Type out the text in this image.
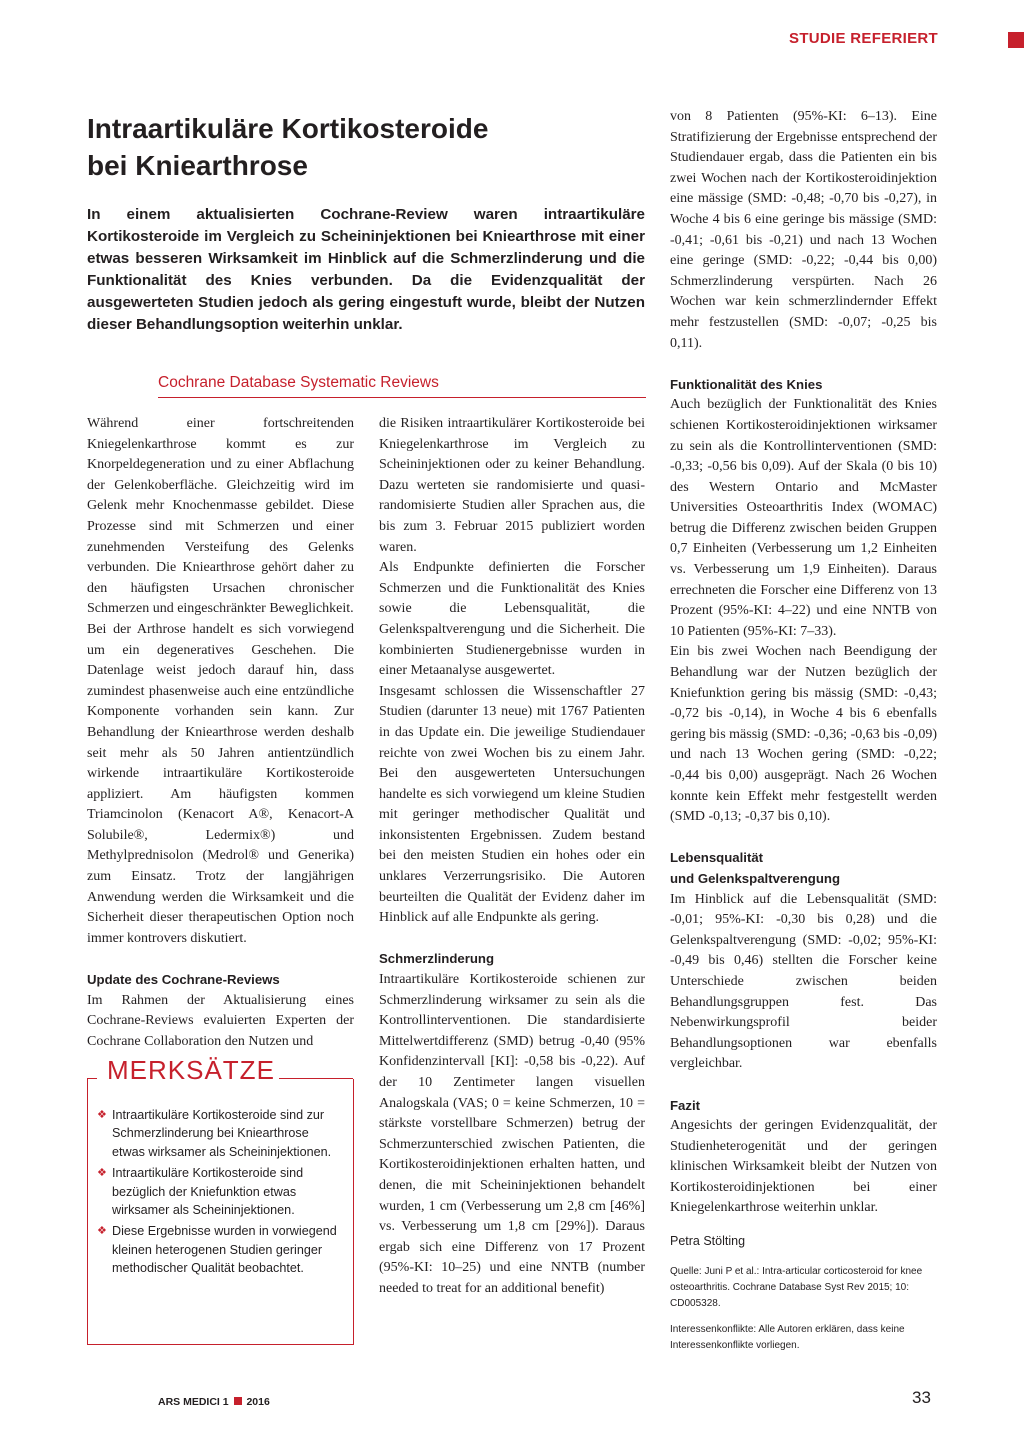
STUDIE REFERIERT
Intraartikuläre Kortikosteroide
bei Kniearthrose

In einem aktualisierten Cochrane-Review waren intraartikuläre Kortikosteroide im Vergleich zu Scheininjektionen bei Kniearthrose mit einer etwas besseren Wirksamkeit im Hinblick auf die Schmerzlinderung und die Funktionalität des Knies verbunden. Da die Evidenzqualität der ausgewerteten Studien jedoch als gering eingestuft wurde, bleibt der Nutzen dieser Behandlungsoption weiterhin unklar.

Cochrane Database Systematic Reviews

Während einer fortschreitenden Kniegelenkarthrose kommt es zur Knorpeldegeneration und zu einer Abflachung der Gelenkoberfläche. Gleichzeitig wird im Gelenk mehr Knochenmasse gebildet. Diese Prozesse sind mit Schmerzen und einer zunehmenden Versteifung des Gelenks verbunden. Die Kniearthrose gehört daher zu den häufigsten Ursachen chronischer Schmerzen und eingeschränkter Beweglichkeit.

Bei der Arthrose handelt es sich vorwiegend um ein degeneratives Geschehen. Die Datenlage weist jedoch darauf hin, dass zumindest phasenweise auch eine entzündliche Komponente vorhanden sein kann. Zur Behandlung der Kniearthrose werden deshalb seit mehr als 50 Jahren antientzündlich wirkende intraartikuläre Kortikosteroide appliziert. Am häufigsten kommen Triamcinolon (Kenacort A®, Kenacort-A Solubile®, Ledermix®) und Methylprednisolon (Medrol® und Generika) zum Einsatz. Trotz der langjährigen Anwendung werden die Wirksamkeit und die Sicherheit dieser therapeutischen Option noch immer kontrovers diskutiert.

Update des Cochrane-Reviews

Im Rahmen der Aktualisierung eines Cochrane-Reviews evaluierten Experten der Cochrane Collaboration den Nutzen und

MERKSÄTZE
❖ Intraartikuläre Kortikosteroide sind zur Schmerzlinderung bei Kniearthrose etwas wirksamer als Scheininjektionen.
❖ Intraartikuläre Kortikosteroide sind bezüglich der Kniefunktion etwas wirksamer als Scheininjektionen.
❖ Diese Ergebnisse wurden in vorwiegend kleinen heterogenen Studien geringer methodischer Qualität beobachtet.

die Risiken intraartikulärer Kortikosteroide bei Kniegelenkarthrose im Vergleich zu Scheininjektionen oder zu keiner Behandlung. Dazu werteten sie randomisierte und quasi-randomisierte Studien aller Sprachen aus, die bis zum 3. Februar 2015 publiziert worden waren.

Als Endpunkte definierten die Forscher Schmerzen und die Funktionalität des Knies sowie die Lebensqualität, die Gelenkspaltverengung und die Sicherheit. Die kombinierten Studienergebnisse wurden in einer Metaanalyse ausgewertet.

Insgesamt schlossen die Wissenschaftler 27 Studien (darunter 13 neue) mit 1767 Patienten in das Update ein. Die jeweilige Studiendauer reichte von zwei Wochen bis zu einem Jahr. Bei den ausgewerteten Untersuchungen handelte es sich vorwiegend um kleine Studien mit geringer methodischer Qualität und inkonsistenten Ergebnissen. Zudem bestand bei den meisten Studien ein hohes oder ein unklares Verzerrungsrisiko. Die Autoren beurteilten die Qualität der Evidenz daher im Hinblick auf alle Endpunkte als gering.

Schmerzlinderung

Intraartikuläre Kortikosteroide schienen zur Schmerzlinderung wirksamer zu sein als die Kontrollinterventionen. Die standardisierte Mittelwertdifferenz (SMD) betrug -0,40 (95% Konfidenzintervall [KI]: -0,58 bis -0,22). Auf der 10 Zentimeter langen visuellen Analogskala (VAS; 0 = keine Schmerzen, 10 = stärkste vorstellbare Schmerzen) betrug der Schmerzunterschied zwischen Patienten, die Kortikosteroidinjektionen erhalten hatten, und denen, die mit Scheininjektionen behandelt wurden, 1 cm (Verbesserung um 2,8 cm [46%] vs. Verbesserung um 1,8 cm [29%]). Daraus ergab sich eine Differenz von 17 Prozent (95%-KI: 10–25) und eine NNTB (number needed to treat for an additional benefit)

von 8 Patienten (95%-KI: 6–13). Eine Stratifizierung der Ergebnisse entsprechend der Studiendauer ergab, dass die Patienten ein bis zwei Wochen nach der Kortikosteroidinjektion eine mässige (SMD: -0,48; -0,70 bis -0,27), in Woche 4 bis 6 eine geringe bis mässige (SMD: -0,41; -0,61 bis -0,21) und nach 13 Wochen eine geringe (SMD: -0,22; -0,44 bis 0,00) Schmerzlinderung verspürten. Nach 26 Wochen war kein schmerzlindernder Effekt mehr festzustellen (SMD: -0,07; -0,25 bis 0,11).

Funktionalität des Knies

Auch bezüglich der Funktionalität des Knies schienen Kortikosteroidinjektionen wirksamer zu sein als die Kontrollinterventionen (SMD: -0,33; -0,56 bis 0,09). Auf der Skala (0 bis 10) des Western Ontario and McMaster Universities Osteoarthritis Index (WOMAC) betrug die Differenz zwischen beiden Gruppen 0,7 Einheiten (Verbesserung um 1,2 Einheiten vs. Verbesserung um 1,9 Einheiten). Daraus errechneten die Forscher eine Differenz von 13 Prozent (95%-KI: 4–22) und eine NNTB von 10 Patienten (95%-KI: 7–33).

Ein bis zwei Wochen nach Beendigung der Behandlung war der Nutzen bezüglich der Kniefunktion gering bis mässig (SMD: -0,43; -0,72 bis -0,14), in Woche 4 bis 6 ebenfalls gering bis mässig (SMD: -0,36; -0,63 bis -0,09) und nach 13 Wochen gering (SMD: -0,22; -0,44 bis 0,00) ausgeprägt. Nach 26 Wochen konnte kein Effekt mehr festgestellt werden (SMD -0,13; -0,37 bis 0,10).

Lebensqualität
und Gelenkspaltverengung

Im Hinblick auf die Lebensqualität (SMD: -0,01; 95%-KI: -0,30 bis 0,28) und die Gelenkspaltverengung (SMD: -0,02; 95%-KI: -0,49 bis 0,46) stellten die Forscher keine Unterschiede zwischen beiden Behandlungsgruppen fest. Das Nebenwirkungsprofil beider Behandlungsoptionen war ebenfalls vergleichbar.

Fazit

Angesichts der geringen Evidenzqualität, der Studienheterogenität und der geringen klinischen Wirksamkeit bleibt der Nutzen von Kortikosteroidinjektionen bei einer Kniegelenkarthrose weiterhin unklar.

Petra Stölting

Quelle: Juni P et al.: Intra-articular corticosteroid for knee osteoarthritis. Cochrane Database Syst Rev 2015; 10: CD005328.

Interessenkonflikte: Alle Autoren erklären, dass keine Interessenkonflikte vorliegen.

ARS MEDICI 1 2016	33
